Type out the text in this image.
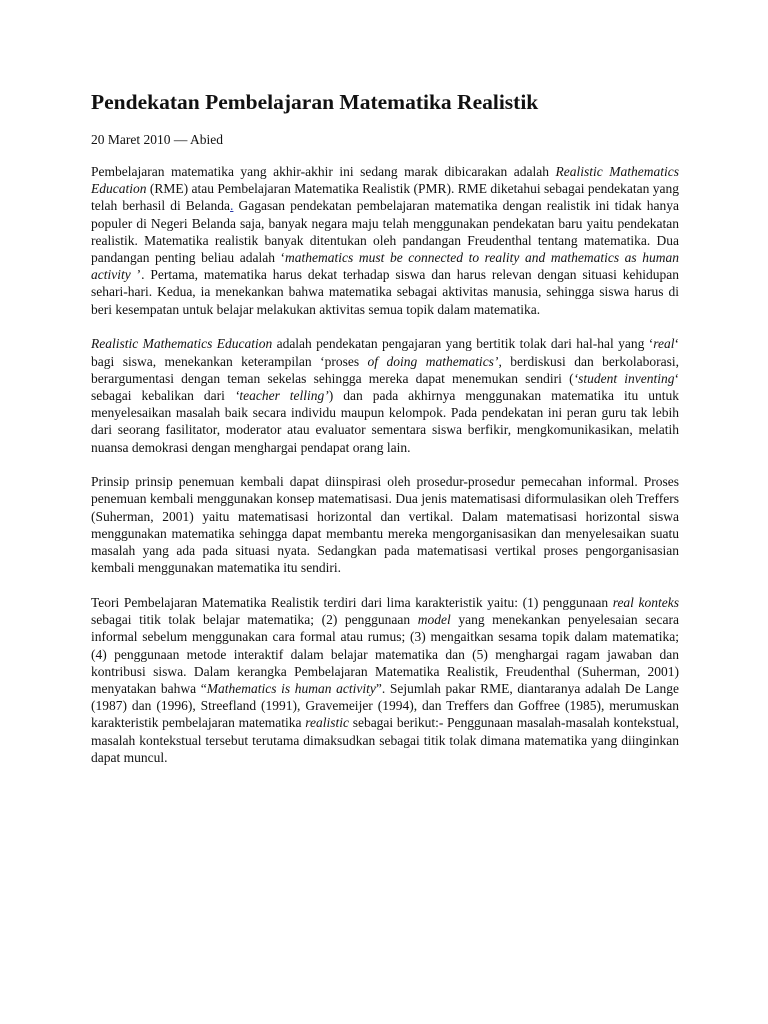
Pendekatan Pembelajaran Matematika Realistik
20 Maret 2010 — Abied

Pembelajaran matematika yang akhir-akhir ini sedang marak dibicarakan adalah Realistic Mathematics Education (RME) atau Pembelajaran Matematika Realistik (PMR). RME diketahui sebagai pendekatan yang telah berhasil di Belanda. Gagasan pendekatan pembelajaran matematika dengan realistik ini tidak hanya populer di Negeri Belanda saja, banyak negara maju telah menggunakan pendekatan baru yaitu pendekatan realistik. Matematika realistik banyak ditentukan oleh pandangan Freudenthal tentang matematika. Dua pandangan penting beliau adalah ‘mathematics must be connected to reality and mathematics as human activity ’. Pertama, matematika harus dekat terhadap siswa dan harus relevan dengan situasi kehidupan sehari-hari. Kedua, ia menekankan bahwa matematika sebagai aktivitas manusia, sehingga siswa harus di beri kesempatan untuk belajar melakukan aktivitas semua topik dalam matematika.

Realistic Mathematics Education adalah pendekatan pengajaran yang bertitik tolak dari hal-hal yang ‘real‘ bagi siswa, menekankan keterampilan ‘proses of doing mathematics’, berdiskusi dan berkolaborasi, berargumentasi dengan teman sekelas sehingga mereka dapat menemukan sendiri (‘student inventing‘ sebagai kebalikan dari ‘teacher telling’) dan pada akhirnya menggunakan matematika itu untuk menyelesaikan masalah baik secara individu maupun kelompok. Pada pendekatan ini peran guru tak lebih dari seorang fasilitator, moderator atau evaluator sementara siswa berfikir, mengkomunikasikan, melatih nuansa demokrasi dengan menghargai pendapat orang lain.

Prinsip prinsip penemuan kembali dapat diinspirasi oleh prosedur-prosedur pemecahan informal. Proses penemuan kembali menggunakan konsep matematisasi. Dua jenis matematisasi diformulasikan oleh Treffers (Suherman, 2001) yaitu matematisasi horizontal dan vertikal. Dalam matematisasi horizontal siswa menggunakan matematika sehingga dapat membantu mereka mengorganisasikan dan menyelesaikan suatu masalah yang ada pada situasi nyata. Sedangkan pada matematisasi vertikal proses pengorganisasian kembali menggunakan matematika itu sendiri.

Teori Pembelajaran Matematika Realistik terdiri dari lima karakteristik yaitu: (1) penggunaan real konteks sebagai titik tolak belajar matematika; (2) penggunaan model yang menekankan penyelesaian secara informal sebelum menggunakan cara formal atau rumus; (3) mengaitkan sesama topik dalam matematika; (4) penggunaan metode interaktif dalam belajar matematika dan (5) menghargai ragam jawaban dan kontribusi siswa. Dalam kerangka Pembelajaran Matematika Realistik, Freudenthal (Suherman, 2001) menyatakan bahwa “Mathematics is human activity”. Sejumlah pakar RME, diantaranya adalah De Lange (1987) dan (1996), Streefland (1991), Gravemeijer (1994), dan Treffers dan Goffree (1985), merumuskan karakteristik pembelajaran matematika realistic sebagai berikut:- Penggunaan masalah-masalah kontekstual, masalah kontekstual tersebut terutama dimaksudkan sebagai titik tolak dimana matematika yang diinginkan dapat muncul.
